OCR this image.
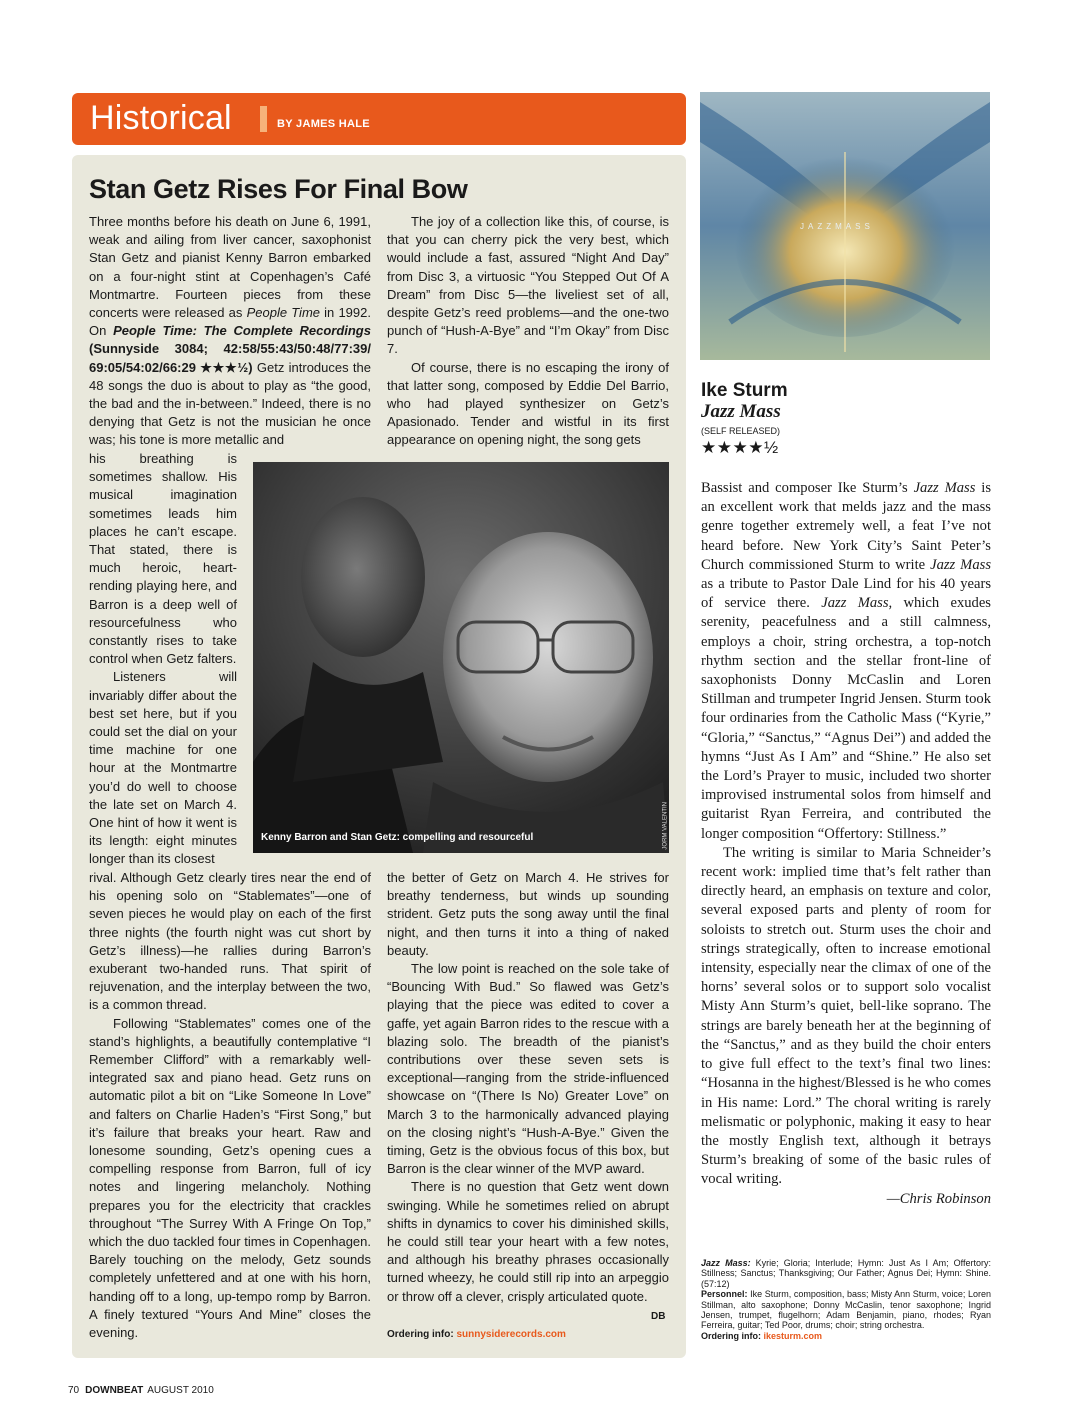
Historical	BY JAMES HALE
Stan Getz Rises For Final Bow

Three months before his death on June 6, 1991, weak and ailing from liver cancer, saxophonist Stan Getz and pianist Kenny Barron embarked on a four-night stint at Copenhagen’s Café Montmartre. Fourteen pieces from these concerts were released as People Time in 1992. On People Time: The Complete Recordings (Sunnyside 3084; 42:58/55:43/50:48/77:39/ 69:05/54:02/66:29 ★★★½) Getz introduces the 48 songs the duo is about to play as “the good, the bad and the in-between.” Indeed, there is no denying that Getz is not the musician he once was; his tone is more metallic and

his breathing is sometimes shallow. His musical imagination sometimes leads him places he can’t escape. That stated, there is much heroic, heart-rending playing here, and Barron is a deep well of resourcefulness who constantly rises to take control when Getz falters.

Listeners will invariably differ about the best set here, but if you could set the dial on your time machine for one hour at the Montmartre you’d do well to choose the late set on March 4. One hint of how it went is its length: eight minutes longer than its closest

rival. Although Getz clearly tires near the end of his opening solo on “Stablemates”—one of seven pieces he would play on each of the first three nights (the fourth night was cut short by Getz’s illness)—he rallies during Barron’s exuberant two-handed runs. That spirit of rejuvenation, and the interplay between the two, is a common thread.

Following “Stablemates” comes one of the stand’s highlights, a beautifully contemplative “I Remember Clifford” with a remarkably well-integrated sax and piano head. Getz runs on automatic pilot a bit on “Like Someone In Love” and falters on Charlie Haden’s “First Song,” but it’s failure that breaks your heart. Raw and lonesome sounding, Getz’s opening cues a compelling response from Barron, full of icy notes and lingering melancholy. Nothing prepares you for the electricity that crackles throughout “The Surrey With A Fringe On Top,” which the duo tackled four times in Copenhagen. Barely touching on the melody, Getz sounds completely unfettered and at one with his horn, handing off to a long, up-tempo romp by Barron. A finely textured “Yours And Mine” closes the evening.

The joy of a collection like this, of course, is that you can cherry pick the very best, which would include a fast, assured “Night And Day” from Disc 3, a virtuosic “You Stepped Out Of A Dream” from Disc 5—the liveliest set of all, despite Getz’s reed problems—and the one-two punch of “Hush-A-Bye” and “I’m Okay” from Disc 7.

Of course, there is no escaping the irony of that latter song, composed by Eddie Del Barrio, who had played synthesizer on Getz’s Apasionado. Tender and wistful in its first appearance on opening night, the song gets

Kenny Barron and Stan Getz: compelling and resourceful	JORM VALENTIN

the better of Getz on March 4. He strives for breathy tenderness, but winds up sounding strident. Getz puts the song away until the final night, and then turns it into a thing of naked beauty.

The low point is reached on the sole take of “Bouncing With Bud.” So flawed was Getz’s playing that the piece was edited to cover a gaffe, yet again Barron rides to the rescue with a blazing solo. The breadth of the pianist’s contributions over these seven sets is exceptional—ranging from the stride-influenced showcase on “(There Is No) Greater Love” on March 3 to the harmonically advanced playing on the closing night’s “Hush-A-Bye.” Given the timing, Getz is the obvious focus of this box, but Barron is the clear winner of the MVP award.

There is no question that Getz went down swinging. While he sometimes relied on abrupt shifts in dynamics to cover his diminished skills, he could still tear your heart with a few notes, and although his breathy phrases occasionally turned wheezy, he could still rip into an arpeggio or throw off a clever, crisply articulated quote.

DB
Ordering info: sunnysiderecords.com
JAZZMASS
Ike Sturm
Jazz Mass
(SELF RELEASED)
★★★★½

Bassist and composer Ike Sturm’s Jazz Mass is an excellent work that melds jazz and the mass genre together extremely well, a feat I’ve not heard before. New York City’s Saint Peter’s Church commissioned Sturm to write Jazz Mass as a tribute to Pastor Dale Lind for his 40 years of service there. Jazz Mass, which exudes serenity, peacefulness and a still calmness, employs a choir, string orchestra, a top-notch rhythm section and the stellar front-line of saxophonists Donny McCaslin and Loren Stillman and trumpeter Ingrid Jensen. Sturm took four ordinaries from the Catholic Mass (“Kyrie,” “Gloria,” “Sanctus,” “Agnus Dei”) and added the hymns “Just As I Am” and “Shine.” He also set the Lord’s Prayer to music, included two shorter improvised instrumental solos from himself and guitarist Ryan Ferreira, and contributed the longer composition “Offertory: Stillness.”

The writing is similar to Maria Schneider’s recent work: implied time that’s felt rather than directly heard, an emphasis on texture and color, several exposed parts and plenty of room for soloists to stretch out. Sturm uses the choir and strings strategically, often to increase emotional intensity, especially near the climax of one of the horns’ several solos or to support solo vocalist Misty Ann Sturm’s quiet, bell-like soprano. The strings are barely beneath her at the beginning of the “Sanctus,” and as they build the choir enters to give full effect to the text’s final two lines: “Hosanna in the highest/Blessed is he who comes in His name: Lord.” The choral writing is rarely melismatic or polyphonic, making it easy to hear the mostly English text, although it betrays Sturm’s breaking of some of the basic rules of vocal writing.

—Chris Robinson

Jazz Mass: Kyrie; Gloria; Interlude; Hymn: Just As I Am; Offertory: Stillness; Sanctus; Thanksgiving; Our Father; Agnus Dei; Hymn: Shine. (57:12)
Personnel: Ike Sturm, composition, bass; Misty Ann Sturm, voice; Loren Stillman, alto saxophone; Donny McCaslin, tenor saxophone; Ingrid Jensen, trumpet, flugelhorn; Adam Benjamin, piano, rhodes; Ryan Ferreira, guitar; Ted Poor, drums; choir; string orchestra.
Ordering info: ikesturm.com
70 DOWNBEAT AUGUST 2010
